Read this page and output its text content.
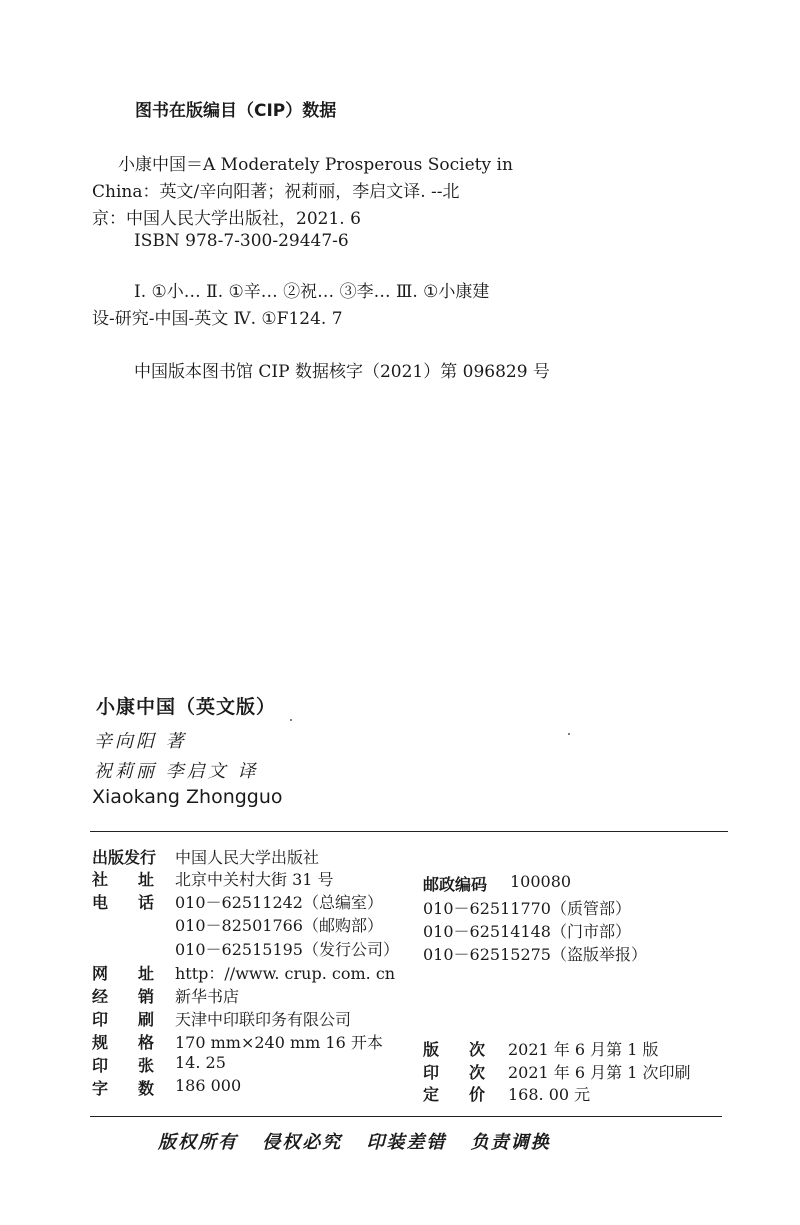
图书在版编目（CIP）数据
小康中国＝A Moderately Prosperous Society in
China：英文/辛向阳著；祝莉丽，李启文译. --北
京：中国人民大学出版社，2021. 6
ISBN 978-7-300-29447-6
Ⅰ. ①小… Ⅱ. ①辛… ②祝… ③李… Ⅲ. ①小康建
设-研究-中国-英文 Ⅳ. ①F124. 7
中国版本图书馆 CIP 数据核字（2021）第 096829 号
小康中国（英文版）
辛向阳 著
祝莉丽 李启文 译
Xiaokang Zhongguo
出 版 发 行 中国人民大学出版社
社 址 北京中关村大街 31 号
电 话 010－62511242（总编室）
010－82501766（邮购部）
010－62515195（发行公司）
邮政编码 100080
010－62511770（质管部）
010－62514148（门市部）
010－62515275（盗版举报）
网 址 http：//www. crup. com. cn
经 销 新华书店
印 刷 天津中印联印务有限公司
规 格 170 mm×240 mm 16 开本
印 张 14. 25
字 数 186 000
版 次 2021 年 6 月第 1 版
印 次 2021 年 6 月第 1 次印刷
定 价 168. 00 元
版权所有 侵权必究 印装差错 负责调换
